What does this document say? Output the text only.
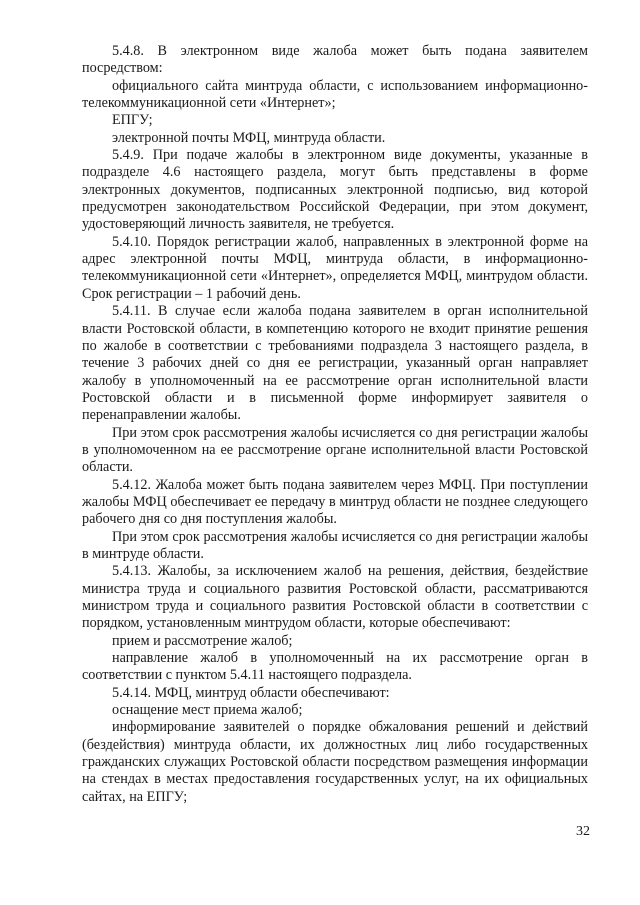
5.4.8. В электронном виде жалоба может быть подана заявителем посредством:

официального сайта минтруда области, с использованием информационно-телекоммуникационной сети «Интернет»;

ЕПГУ;

электронной почты МФЦ, минтруда области.

5.4.9. При подаче жалобы в электронном виде документы, указанные в подразделе 4.6 настоящего раздела, могут быть представлены в форме электронных документов, подписанных электронной подписью, вид которой предусмотрен законодательством Российской Федерации, при этом документ, удостоверяющий личность заявителя, не требуется.

5.4.10. Порядок регистрации жалоб, направленных в электронной форме на адрес электронной почты МФЦ, минтруда области, в информационно-телекоммуникационной сети «Интернет», определяется МФЦ, минтрудом области. Срок регистрации – 1 рабочий день.

5.4.11. В случае если жалоба подана заявителем в орган исполнительной власти Ростовской области, в компетенцию которого не входит принятие решения по жалобе в соответствии с требованиями подраздела 3 настоящего раздела, в течение 3 рабочих дней со дня ее регистрации, указанный орган направляет жалобу в уполномоченный на ее рассмотрение орган исполнительной власти Ростовской области и в письменной форме информирует заявителя о перенаправлении жалобы.

При этом срок рассмотрения жалобы исчисляется со дня регистрации жалобы в уполномоченном на ее рассмотрение органе исполнительной власти Ростовской области.

5.4.12. Жалоба может быть подана заявителем через МФЦ. При поступлении жалобы МФЦ обеспечивает ее передачу в минтруд области не позднее следующего рабочего дня со дня поступления жалобы.

При этом срок рассмотрения жалобы исчисляется со дня регистрации жалобы в минтруде области.

5.4.13. Жалобы, за исключением жалоб на решения, действия, бездействие министра труда и социального развития Ростовской области, рассматриваются министром труда и социального развития Ростовской области в соответствии с порядком, установленным минтрудом области, которые обеспечивают:

прием и рассмотрение жалоб;

направление жалоб в уполномоченный на их рассмотрение орган в соответствии с пунктом 5.4.11 настоящего подраздела.

5.4.14. МФЦ, минтруд области обеспечивают:

оснащение мест приема жалоб;

информирование заявителей о порядке обжалования решений и действий (бездействия) минтруда области, их должностных лиц либо государственных гражданских служащих Ростовской области посредством размещения информации на стендах в местах предоставления государственных услуг, на их официальных сайтах, на ЕПГУ;

32
